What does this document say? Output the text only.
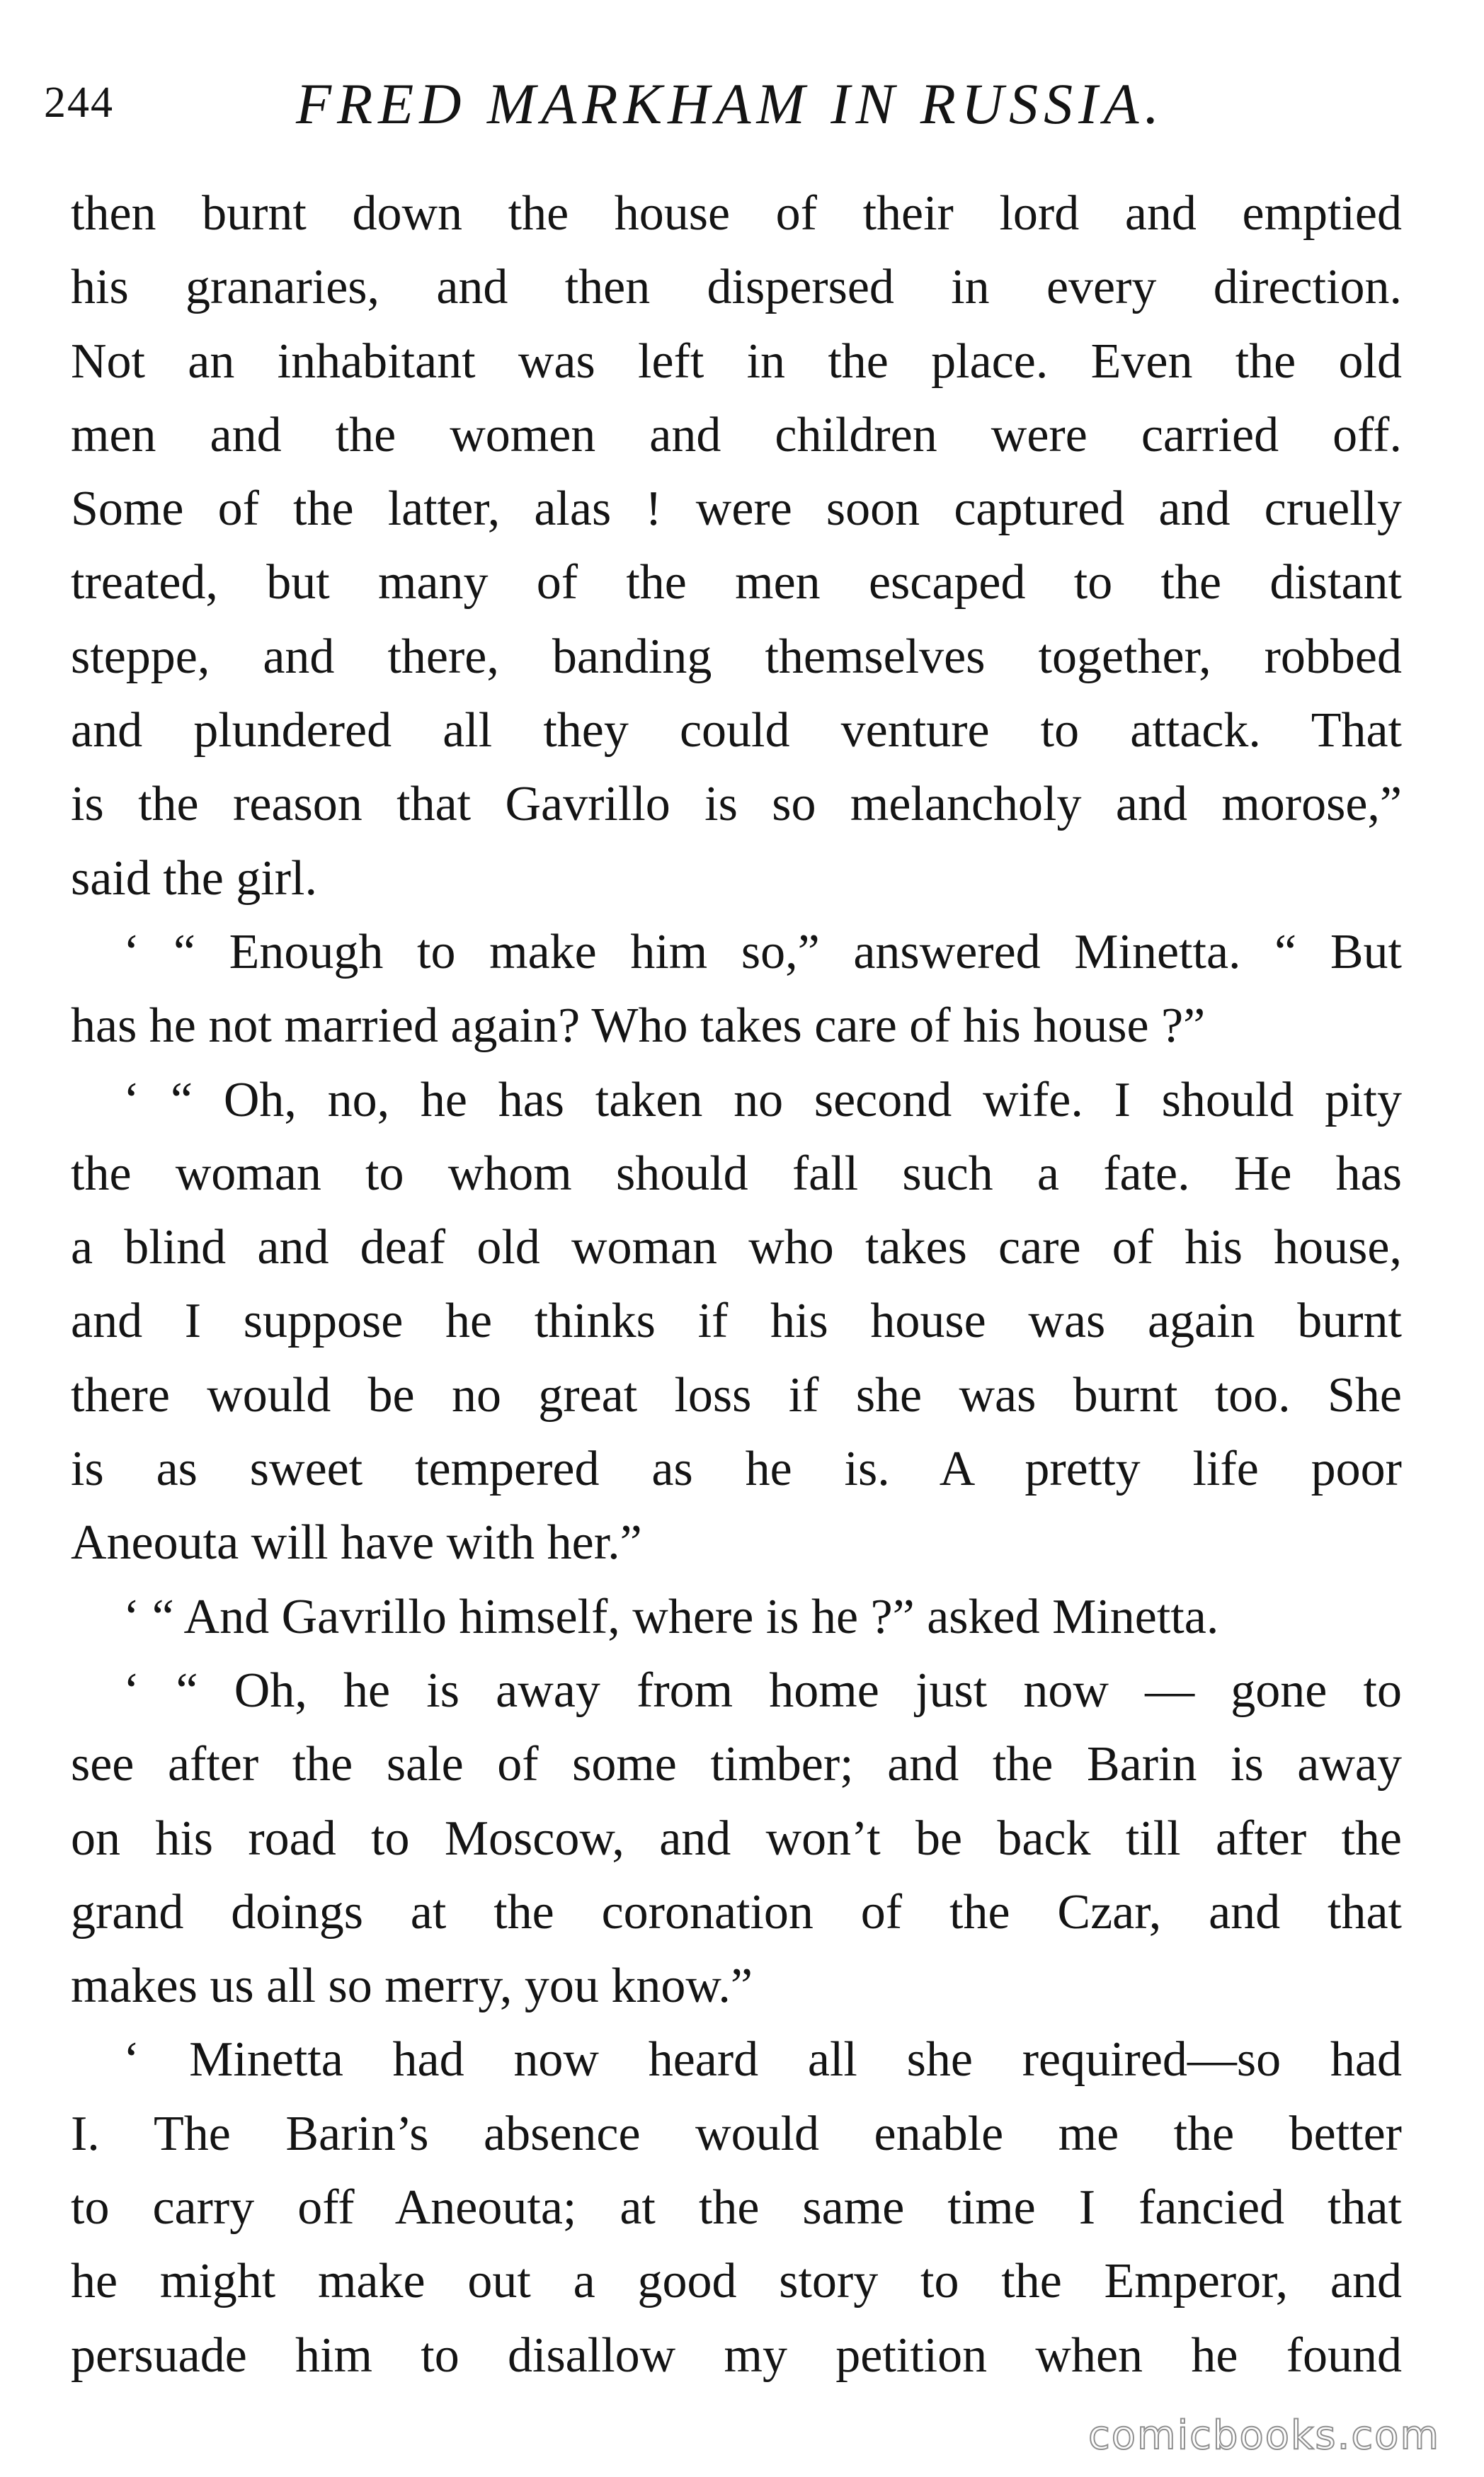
244	FRED MARKHAM IN RUSSIA.
then burnt down the house of their lord and emptied
his granaries, and then dispersed in every direction.
Not an inhabitant was left in the place. Even the old
men and the women and children were carried off.
Some of the latter, alas ! were soon captured and cruelly
treated, but many of the men escaped to the distant
steppe, and there, banding themselves together, robbed
and plundered all they could venture to attack. That
is the reason that Gavrillo is so melancholy and morose,”
said the girl.
‘ “ Enough to make him so,” answered Minetta. “ But
has he not married again? Who takes care of his house ?”
‘ “ Oh, no, he has taken no second wife. I should pity
the woman to whom should fall such a fate. He has
a blind and deaf old woman who takes care of his house,
and I suppose he thinks if his house was again burnt
there would be no great loss if she was burnt too. She
is as sweet tempered as he is. A pretty life poor
Aneouta will have with her.”
‘ “ And Gavrillo himself, where is he ?” asked Minetta.
‘ “ Oh, he is away from home just now — gone to
see after the sale of some timber; and the Barin is away
on his road to Moscow, and won’t be back till after the
grand doings at the coronation of the Czar, and that
makes us all so merry, you know.”
‘ Minetta had now heard all she required—so had
I. The Barin’s absence would enable me the better
to carry off Aneouta; at the same time I fancied that
he might make out a good story to the Emperor, and
persuade him to disallow my petition when he found
comicbooks.com
